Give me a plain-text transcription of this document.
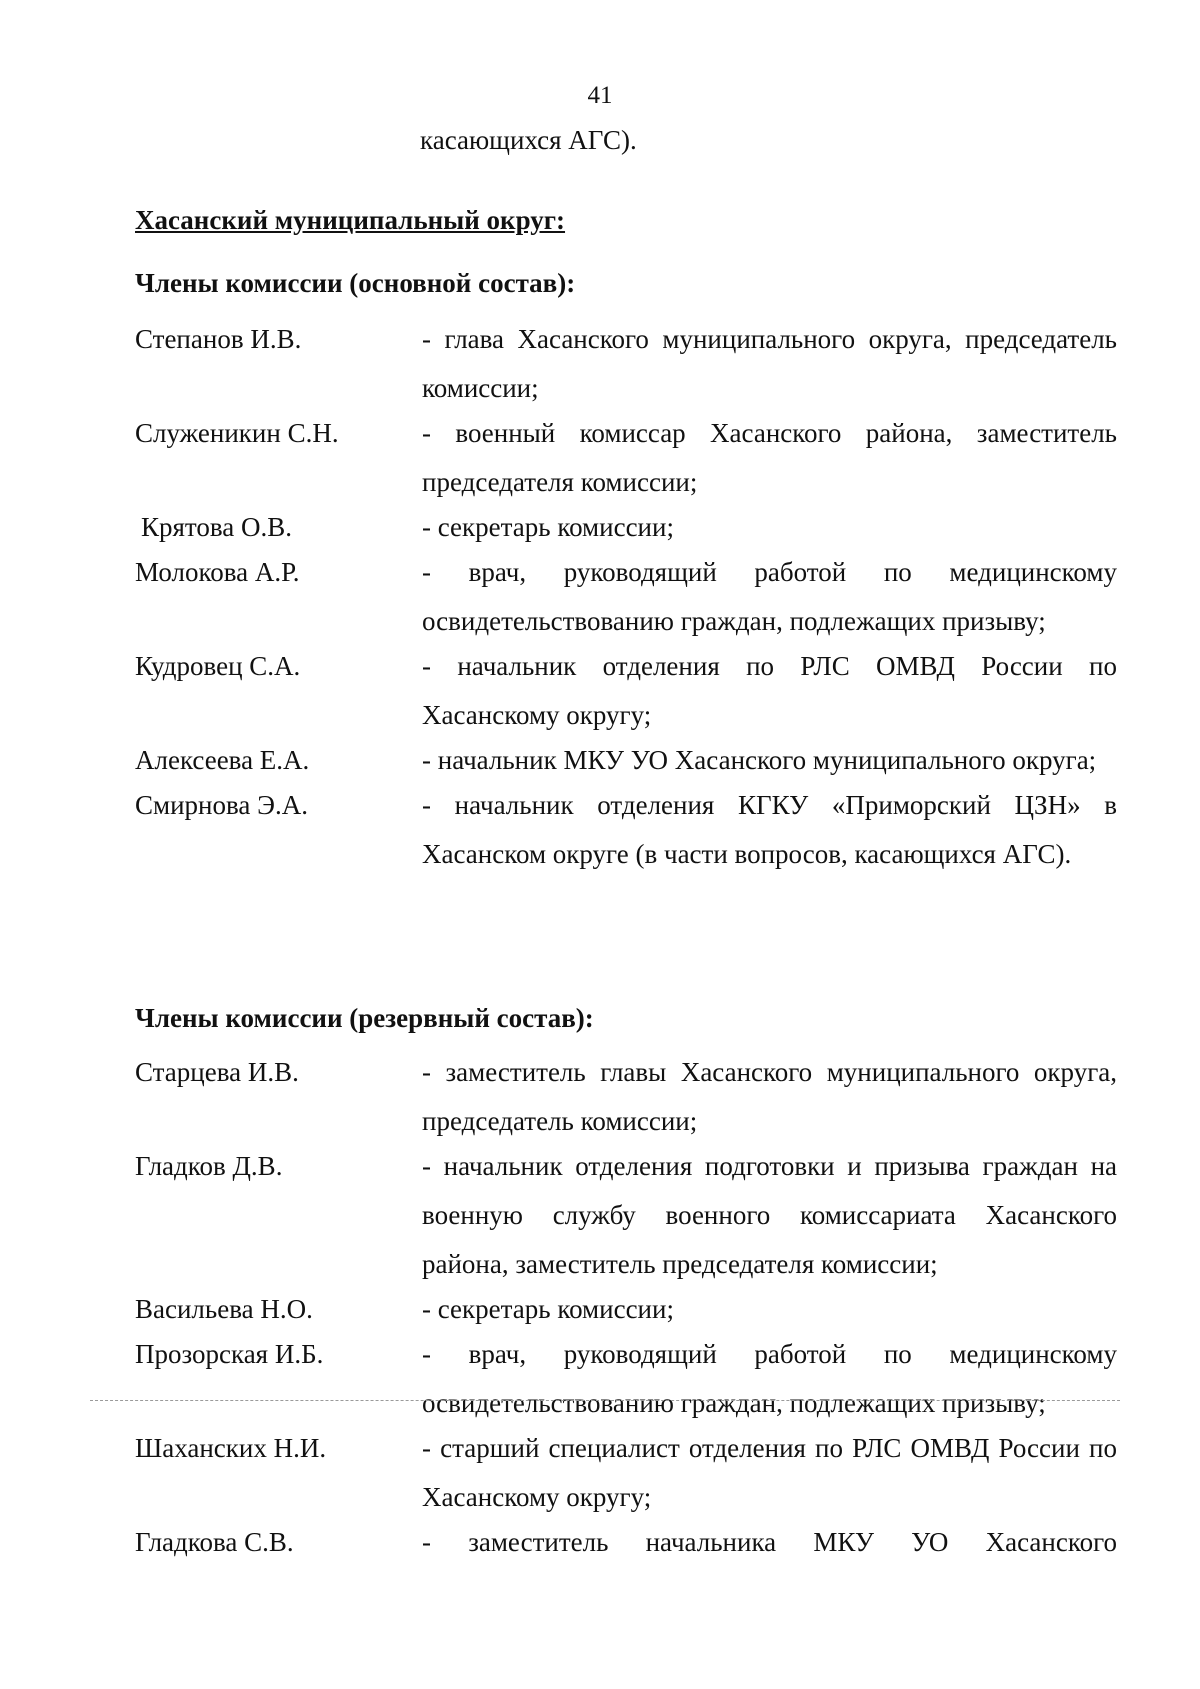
41
касающихся АГС).
Хасанский муниципальный округ:
Члены комиссии (основной состав):
Степанов И.В.	- глава Хасанского муниципального округа, председатель комиссии;
Служеникин С.Н.	- военный комиссар Хасанского района, заместитель председателя комиссии;
Крятова О.В.	- секретарь комиссии;
Молокова А.Р.	- врач, руководящий работой по медицинскому освидетельствованию граждан, подлежащих призыву;
Кудровец С.А.	- начальник отделения по РЛС ОМВД России по Хасанскому округу;
Алексеева Е.А.	- начальник МКУ УО Хасанского муниципального округа;
Смирнова Э.А.	- начальник отделения КГКУ «Приморский ЦЗН» в Хасанском округе (в части вопросов, касающихся АГС).
Члены комиссии (резервный состав):
Старцева И.В.	- заместитель главы Хасанского муниципального округа, председатель комиссии;
Гладков Д.В.	- начальник отделения подготовки и призыва граждан на военную службу военного комиссариата Хасанского района, заместитель председателя комиссии;
Васильева Н.О.	- секретарь комиссии;
Прозорская И.Б.	- врач, руководящий работой по медицинскому освидетельствованию граждан, подлежащих призыву;
Шаханских Н.И.	- старший специалист отделения по РЛС ОМВД России по Хасанскому округу;
Гладкова С.В.	- заместитель начальника МКУ УО Хасанского
